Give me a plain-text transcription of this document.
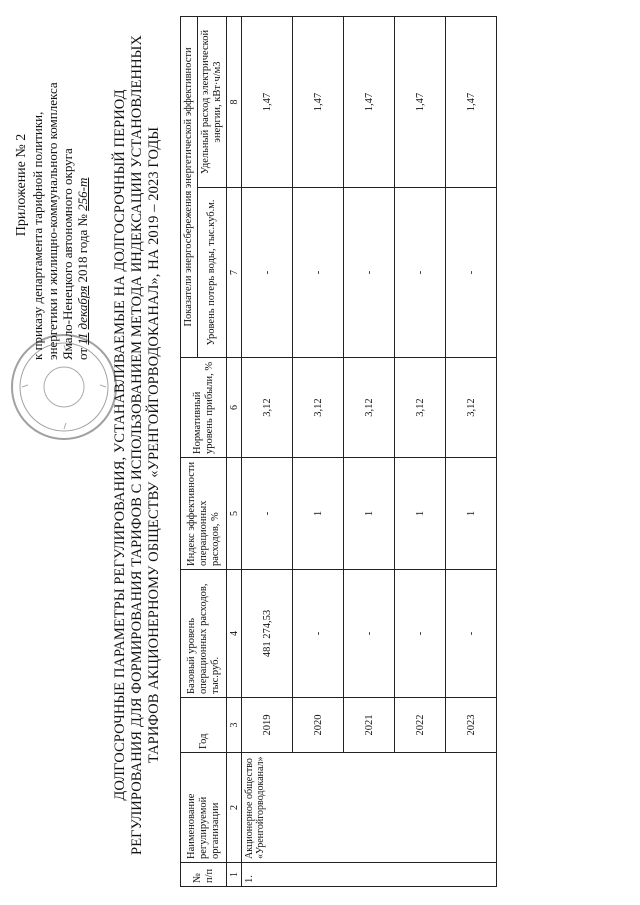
Приложение № 2 к приказу департамента тарифной политики, энергетики и жилищно-коммунального комплекса Ямало-Ненецкого автономного округа от 11 декабря 2018 года № 256-т ДОЛГОСРОЧНЫЕ ПАРАМЕТРЫ РЕГУЛИРОВАНИЯ, УСТАНАВЛИВАЕМЫЕ НА ДОЛГОСРОЧНЫЙ ПЕРИОД РЕГУЛИРОВАНИЯ ДЛЯ ФОРМИРОВАНИЯ ТАРИФОВ С ИСПОЛЬЗОВАНИЕМ МЕТОДА ИНДЕКСАЦИИ УСТАНОВЛЕННЫХ ТАРИФОВ АКЦИОНЕРНОМУ ОБЩЕСТВУ «УРЕНГОЙГОРВОДОКАНАЛ», НА 2019 – 2023 ГОДЫ
№ п/п	Наименование регулируемой организации	Год	Базовый уровень операционных расходов, тыс.руб.	Индекс эффективности операционных расходов, %	Нормативный уровень прибыли, %	Показатели энергосбережения энергетической эффективности	
						Уровень потерь воды, тыс.куб.м.	Удельный расход электрической энергии, кВт·ч/м3
1	2	3	4	5	6	7	8
1.	Акционерное общество «Уренгойгорводоканал»	2019	481 274,53	-	3,12	-	1,47
		2020	-	1	3,12	-	1,47
		2021	-	1	3,12	-	1,47
		2022	-	1	3,12	-	1,47
		2023	-	1	3,12	-	1,47
